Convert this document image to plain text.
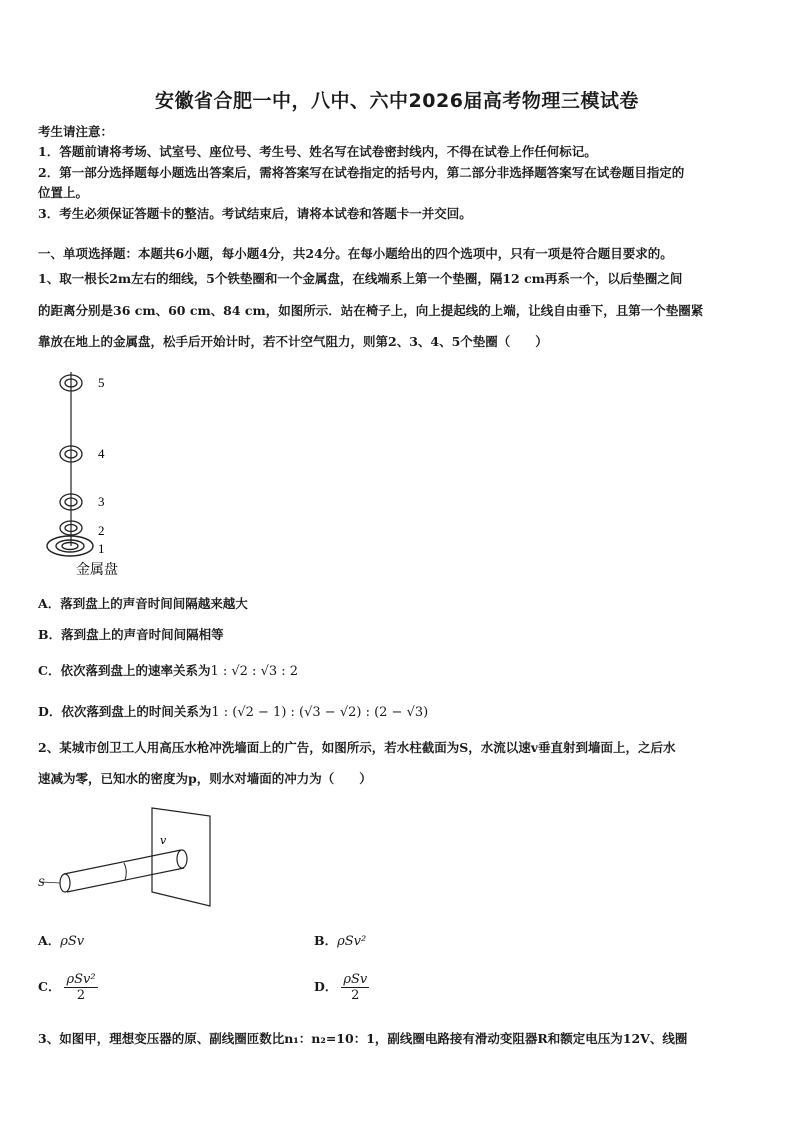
安徽省合肥一中，八中、六中2026届高考物理三模试卷
考生请注意：
1．答题前请将考场、试室号、座位号、考生号、姓名写在试卷密封线内，不得在试卷上作任何标记。
2．第一部分选择题每小题选出答案后，需将答案写在试卷指定的括号内，第二部分非选择题答案写在试卷题目指定的
位置上。
3．考生必须保证答题卡的整洁。考试结束后，请将本试卷和答题卡一并交回。
一、单项选择题：本题共6小题，每小题4分，共24分。在每小题给出的四个选项中，只有一项是符合题目要求的。
1、取一根长2m左右的细线，5个铁垫圈和一个金属盘，在线端系上第一个垫圈，隔12 cm再系一个，以后垫圈之间
的距离分别是36 cm、60 cm、84 cm，如图所示．站在椅子上，向上提起线的上端，让线自由垂下，且第一个垫圈紧
靠放在地上的金属盘，松手后开始计时，若不计空气阻力，则第2、3、4、5个垫圈（　　）
5
4
3
2
1
金属盘
A．落到盘上的声音时间间隔越来越大
B．落到盘上的声音时间间隔相等
C．依次落到盘上的速率关系为1 : √2 : √3 : 2
D．依次落到盘上的时间关系为1 : (√2 − 1) : (√3 − √2) : (2 − √3)
2、某城市创卫工人用高压水枪冲洗墙面上的广告，如图所示，若水柱截面为S，水流以速v垂直射到墙面上，之后水
速减为零，已知水的密度为p，则水对墙面的冲力为（　　）
S
v
A．ρSv	B．ρSv²
C． $\frac{\text{ρSv²}}{2}$	D． $\frac{\text{ρSv}}{2}$
3、如图甲，理想变压器的原、副线圈匝数比n₁：n₂=10：1，副线圈电路接有滑动变阻器R和额定电压为12V、线圈
